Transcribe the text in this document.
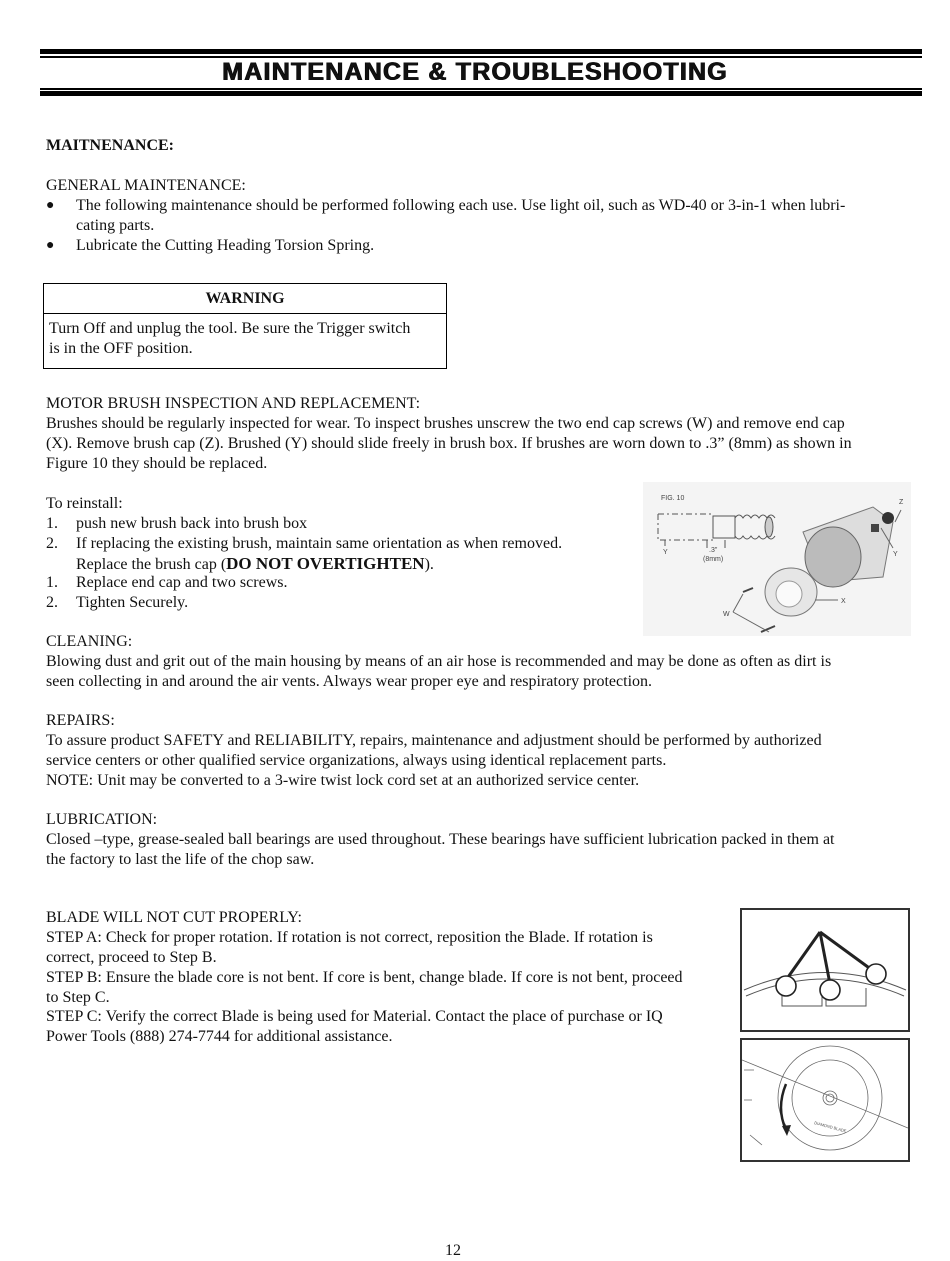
MAINTENANCE & TROUBLESHOOTING
MAITNENANCE:
GENERAL MAINTENANCE:
● The following maintenance should be performed following each use. Use light oil, such as WD-40 or 3-in-1 when lubri-
cating parts.
● Lubricate the Cutting Heading Torsion Spring.
WARNING
Turn Off and unplug the tool. Be sure the Trigger switch
is in the OFF position.
MOTOR BRUSH INSPECTION AND REPLACEMENT:
Brushes should be regularly inspected for wear. To inspect brushes unscrew the two end cap screws (W) and remove end cap
(X). Remove brush cap (Z). Brushed (Y) should slide freely in brush box. If brushes are worn down to .3” (8mm) as shown in
Figure 10 they should be replaced.
To reinstall:
1. push new brush back into brush box
2. If replacing the existing brush, maintain same orientation as when removed.
Replace the brush cap (DO NOT OVERTIGHTEN).
1. Replace end cap and two screws.
2. Tighten Securely.
FIG. 10
Y	.3"
(8mm)
Z
Y
X
W
CLEANING:
Blowing dust and grit out of the main housing by means of an air hose is recommended and may be done as often as dirt is
seen collecting in and around the air vents. Always wear proper eye and respiratory protection.
REPAIRS:
To assure product SAFETY and RELIABILITY, repairs, maintenance and adjustment should be performed by authorized
service centers or other qualified service organizations, always using identical replacement parts.
NOTE: Unit may be converted to a 3-wire twist lock cord set at an authorized service center.
LUBRICATION:
Closed –type, grease-sealed ball bearings are used throughout. These bearings have sufficient lubrication packed in them at
the factory to last the life of the chop saw.
BLADE WILL NOT CUT PROPERLY:
STEP A: Check for proper rotation. If rotation is not correct, reposition the Blade. If rotation is
correct, proceed to Step B.
STEP B: Ensure the blade core is not bent. If core is bent, change blade. If core is not bent, proceed
to Step C.
STEP C: Verify the correct Blade is being used for Material. Contact the place of purchase or IQ
Power Tools (888) 274-7744 for additional assistance.
DIAMOND BLADE
12
